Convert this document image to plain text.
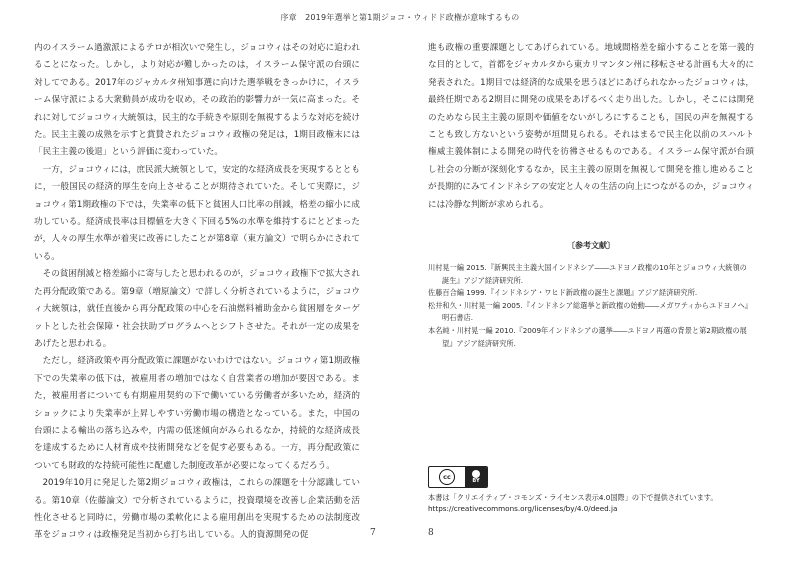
序章　2019年選挙と第1期ジョコ・ウィドド政権が意味するもの

内のイスラーム過激派によるテロが相次いで発生し，ジョコウィはその対応に追われることになった。しかし，より対応が難しかったのは，イスラーム保守派の台頭に対してである。2017年のジャカルタ州知事選に向けた選挙戦をきっかけに，イスラーム保守派による大衆動員が成功を収め，その政治的影響力が一気に高まった。それに対してジョコウィ大統領は，民主的な手続きや原則を無視するような対応を続けた。民主主義の成熟を示すと賞賛されたジョコウィ政権の発足は，1期目政権末には「民主主義の後退」という評価に変わっていた。

一方，ジョコウィには，庶民派大統領として，安定的な経済成長を実現するとともに，一般国民の経済的厚生を向上させることが期待されていた。そして実際に，ジョコウィ第1期政権の下では，失業率の低下と貧困人口比率の削減，格差の縮小に成功している。経済成長率は目標値を大きく下回る5%の水準を維持するにとどまったが，人々の厚生水準が着実に改善にしたことが第8章（東方論文）で明らかにされている。

その貧困削減と格差縮小に寄与したと思われるのが，ジョコウィ政権下で拡大された再分配政策である。第9章（増原論文）で詳しく分析されているように，ジョコウィ大統領は，就任直後から再分配政策の中心を石油燃料補助金から貧困層をターゲットとした社会保障・社会扶助プログラムへとシフトさせた。それが一定の成果をあげたと思われる。

ただし，経済政策や再分配政策に課題がないわけではない。ジョコウィ第1期政権下での失業率の低下は，被雇用者の増加ではなく自営業者の増加が要因である。また，被雇用者についても有期雇用契約の下で働いている労働者が多いため，経済的ショックにより失業率が上昇しやすい労働市場の構造となっている。また，中国の台頭による輸出の落ち込みや，内需の低迷傾向がみられるなか，持続的な経済成長を達成するために人材育成や技術開発などを促す必要もある。一方，再分配政策についても財政的な持続可能性に配慮した制度改革が必要になってくるだろう。

2019年10月に発足した第2期ジョコウィ政権は，これらの課題を十分認識している。第10章（佐藤論文）で分析されているように，投資環境を改善し企業活動を活性化させると同時に，労働市場の柔軟化による雇用創出を実現するための法制度改革をジョコウィは政権発足当初から打ち出している。人的資源開発の促

進も政権の重要課題としてあげられている。地域間格差を縮小することを第一義的な目的として，首都をジャカルタから東カリマンタン州に移転させる計画も大々的に発表された。1期目では経済的な成果を思うほどにあげられなかったジョコウィは，最終任期である2期目に開発の成果をあげるべく走り出した。しかし，そこには開発のためなら民主主義の原則や価値をないがしろにすることも，国民の声を無視することも致し方ないという姿勢が垣間見られる。それはまるで民主化以前のスハルト権威主義体制による開発の時代を彷彿させるものである。イスラーム保守派が台頭し社会の分断が深刻化するなか，民主主義の原則を無視して開発を推し進めることが長期的にみてインドネシアの安定と人々の生活の向上につながるのか，ジョコウィには冷静な判断が求められる。

〔参考文献〕
川村晃一編 2015.『新興民主主義大国インドネシア――ユドヨノ政権の10年とジョコウィ大統領の誕生』アジア経済研究所.
佐藤百合編 1999.『インドネシア・ワヒド新政権の誕生と課題』アジア経済研究所.
松井和久・川村晃一編 2005.『インドネシア総選挙と新政権の始動――メガワティからユドヨノへ』明石書店.
本名純・川村晃一編 2010.『2009年インドネシアの選挙――ユドヨノ再選の背景と第2期政権の展望』アジア経済研究所.
cc	BY
本書は「クリエイティブ・コモンズ・ライセンス表示4.0国際」の下で提供されています。
https://creativecommons.org/licenses/by/4.0/deed.ja
7	8
